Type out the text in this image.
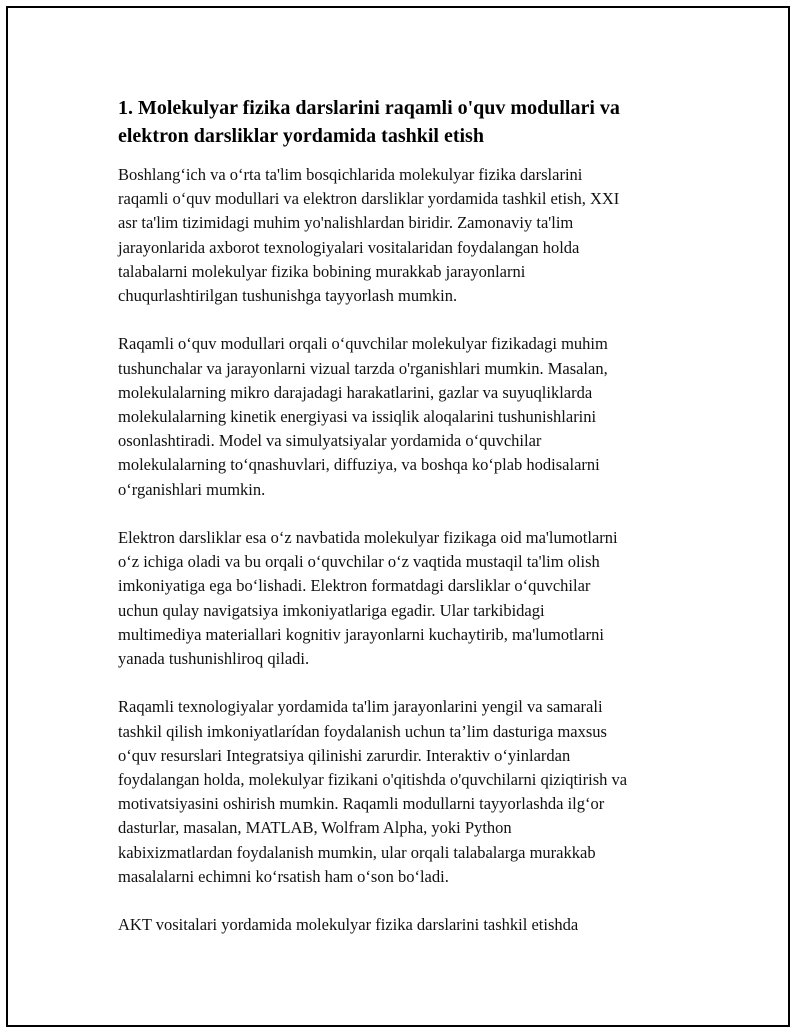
1. Molekulyar fizika darslarini raqamli o'quv modullari va
elektron darsliklar yordamida tashkil etish

Boshlang‘ich va o‘rta ta'lim bosqichlarida molekulyar fizika darslarini
raqamli o‘quv modullari va elektron darsliklar yordamida tashkil etish, XXI
asr ta'lim tizimidagi muhim yo'nalishlardan biridir. Zamonaviy ta'lim
jarayonlarida axborot texnologiyalari vositalaridan foydalangan holda
talabalarni molekulyar fizika bobining murakkab jarayonlarni
chuqurlashtirilgan tushunishga tayyorlash mumkin.

Raqamli o‘quv modullari orqali o‘quvchilar molekulyar fizikadagi muhim
tushunchalar va jarayonlarni vizual tarzda o'rganishlari mumkin. Masalan,
molekulalarning mikro darajadagi harakatlarini, gazlar va suyuqliklarda
molekulalarning kinetik energiyasi va issiqlik aloqalarini tushunishlarini
osonlashtiradi. Model va simulyatsiyalar yordamida o‘quvchilar
molekulalarning to‘qnashuvlari, diffuziya, va boshqa ko‘plab hodisalarni
o‘rganishlari mumkin.

Elektron darsliklar esa o‘z navbatida molekulyar fizikaga oid ma'lumotlarni
o‘z ichiga oladi va bu orqali o‘quvchilar o‘z vaqtida mustaqil ta'lim olish
imkoniyatiga ega bo‘lishadi. Elektron formatdagi darsliklar o‘quvchilar
uchun qulay navigatsiya imkoniyatlariga egadir. Ular tarkibidagi
multimediya materiallari kognitiv jarayonlarni kuchaytirib, ma'lumotlarni
yanada tushunishliroq qiladi.

Raqamli texnologiyalar yordamida ta'lim jarayonlarini yengil va samarali
tashkil qilish imkoniyatlarídan foydalanish uchun ta’lim dasturiga maxsus
o‘quv resurslari Integratsiya qilinishi zarurdir. Interaktiv o‘yinlardan
foydalangan holda, molekulyar fizikani o'qitishda o'quvchilarni qiziqtirish va
motivatsiyasini oshirish mumkin. Raqamli modullarni tayyorlashda ilg‘or
dasturlar, masalan, MATLAB, Wolfram Alpha, yoki Python
kabixizmatlardan foydalanish mumkin, ular orqali talabalarga murakkab
masalalarni echimni ko‘rsatish ham o‘son bo‘ladi.

AKT vositalari yordamida molekulyar fizika darslarini tashkil etishda
